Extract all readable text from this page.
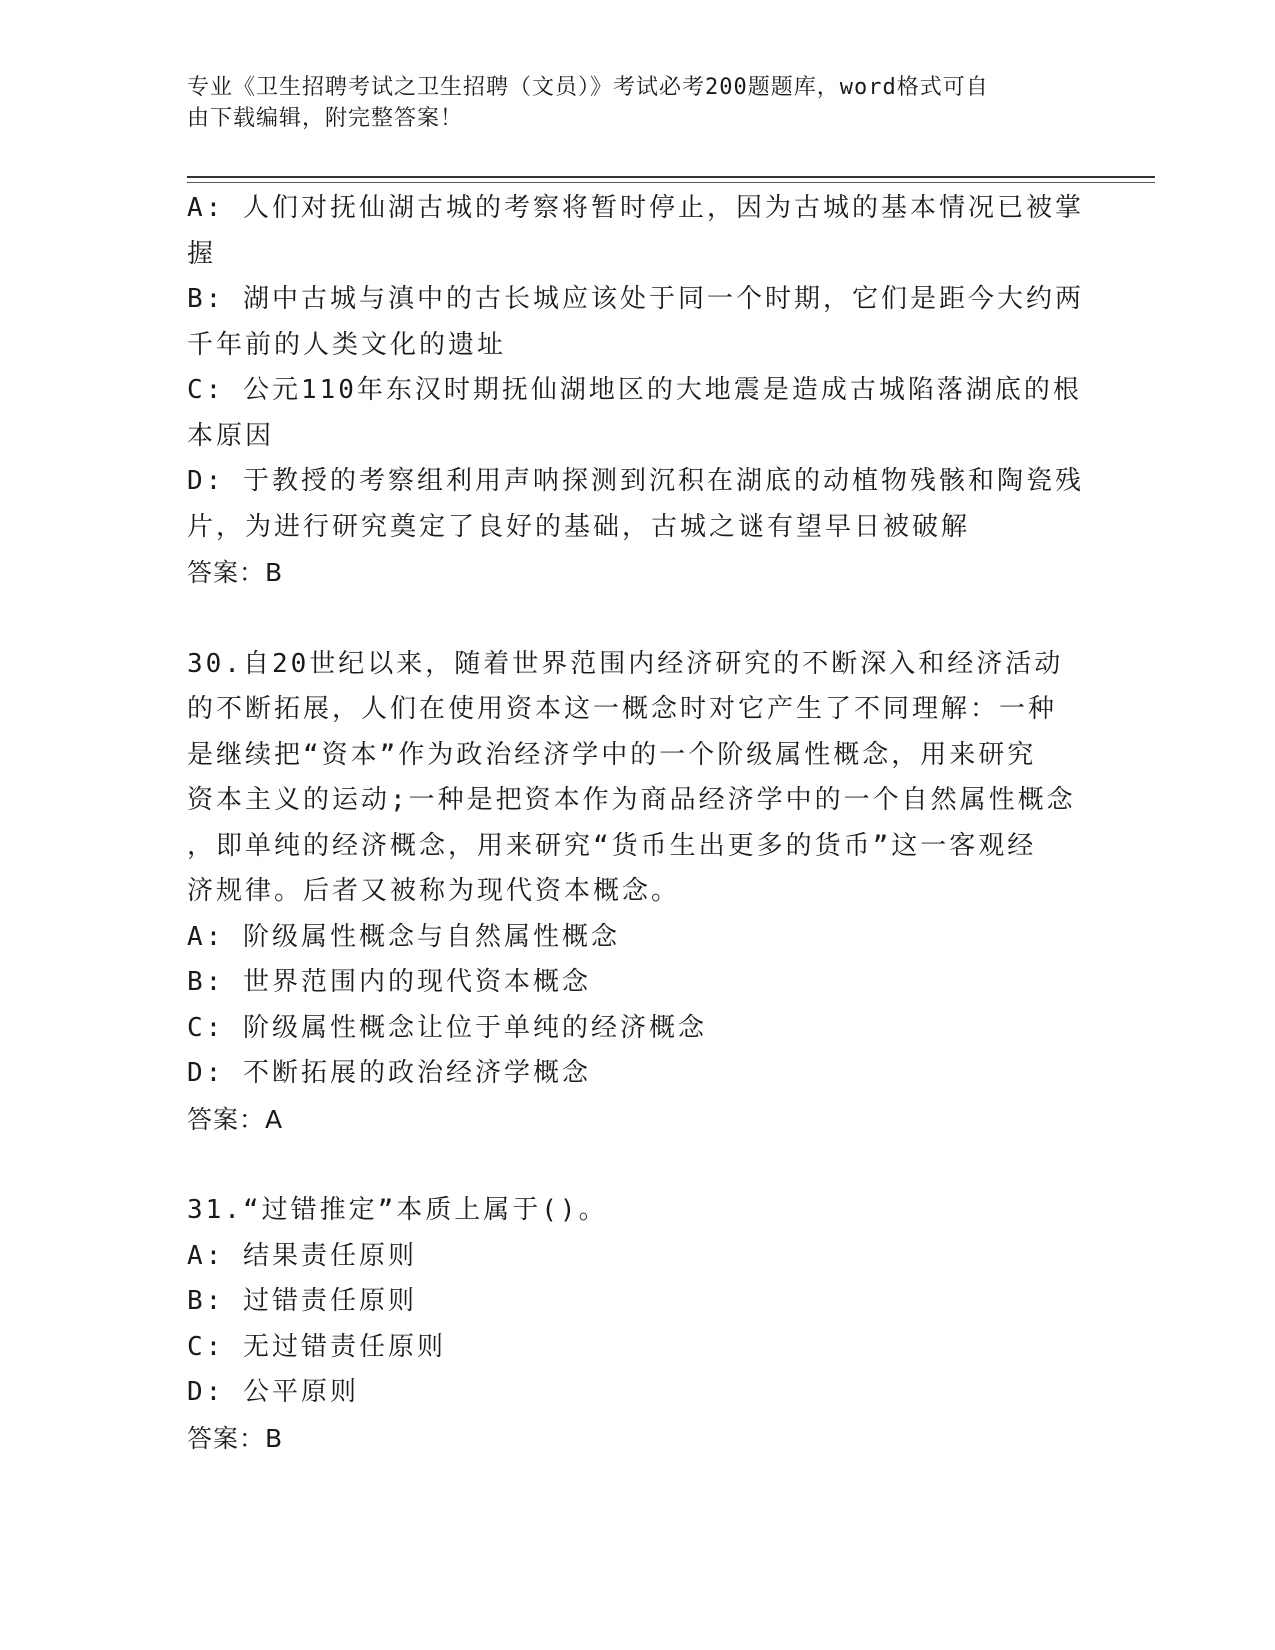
专业《卫生招聘考试之卫生招聘（文员）》考试必考200题题库，word格式可自
由下载编辑，附完整答案！
A: 人们对抚仙湖古城的考察将暂时停止，因为古城的基本情况已被掌
握
B: 湖中古城与滇中的古长城应该处于同一个时期，它们是距今大约两
千年前的人类文化的遗址
C: 公元110年东汉时期抚仙湖地区的大地震是造成古城陷落湖底的根
本原因
D: 于教授的考察组利用声呐探测到沉积在湖底的动植物残骸和陶瓷残
片，为进行研究奠定了良好的基础，古城之谜有望早日被破解
答案：B
30.自20世纪以来，随着世界范围内经济研究的不断深入和经济活动
的不断拓展，人们在使用资本这一概念时对它产生了不同理解：一种
是继续把“资本”作为政治经济学中的一个阶级属性概念，用来研究
资本主义的运动;一种是把资本作为商品经济学中的一个自然属性概念
，即单纯的经济概念，用来研究“货币生出更多的货币”这一客观经
济规律。后者又被称为现代资本概念。
A: 阶级属性概念与自然属性概念
B: 世界范围内的现代资本概念
C: 阶级属性概念让位于单纯的经济概念
D: 不断拓展的政治经济学概念
答案：A
31.“过错推定”本质上属于()。
A: 结果责任原则
B: 过错责任原则
C: 无过错责任原则
D: 公平原则
答案：B
